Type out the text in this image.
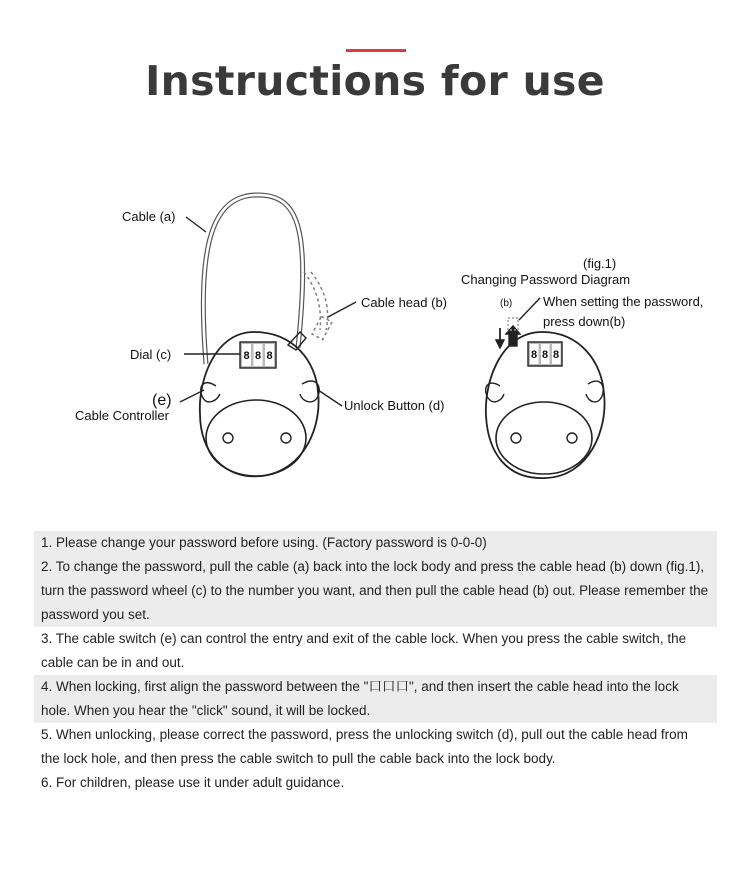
Instructions for use
8 8 8	8 8 8
Cable (a)
Cable head (b)
Dial (c)
(e)
Cable Controller
Unlock Button (d)
(fig.1)
Changing Password Diagram
(b) When setting the password,
press down(b)

1. Please change your password before using. (Factory password is 0-0-0)

2. To change the password, pull the cable (a) back into the lock body and press the cable head (b) down (fig.1), turn the password wheel (c) to the number you want, and then pull the cable head (b) out. Please remember the password you set.

3. The cable switch (e) can control the entry and exit of the cable lock. When you press the cable switch, the cable can be in and out.

4. When locking, first align the password between the "口口口", and then insert the cable head into the lock hole. When you hear the "click" sound, it will be locked.

5. When unlocking, please correct the password, press the unlocking switch (d), pull out the cable head from the lock hole, and then press the cable switch to pull the cable back into the lock body.

6. For children, please use it under adult guidance.
